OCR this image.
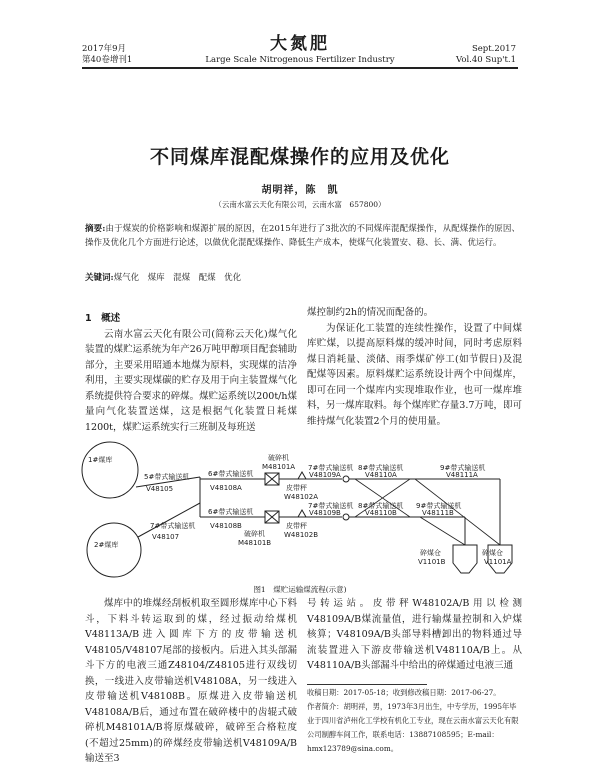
2017年9月
第40卷增刊1
大氮肥
Large Scale Nitrogenous Fertilizer Industry
Sept.2017
Vol.40 Sup't.1
不同煤库混配煤操作的应用及优化
胡明祥，陈　凯
（云南水富云天化有限公司，云南水富　657800）
摘要:由于煤炭的价格影响和煤源扩展的原因，在2015年进行了3批次的不同煤库混配煤操作，从配煤操作的原因、操作及优化几个方面进行论述，以做优化混配煤操作、降低生产成本，使煤气化装置安、稳、长、满、优运行。
关键词:煤气化　煤库　混煤　配煤　优化

1　概述

云南水富云天化有限公司(简称云天化)煤气化装置的煤贮运系统为年产26万吨甲醇项目配套辅助部分，主要采用昭通本地煤为原料，实现煤的洁净利用，主要实现煤碳的贮存及用于向主装置煤气化系统提供符合要求的碎煤。煤贮运系统以200t/h煤量向气化装置送煤，这是根据气化装置日耗煤1200t，煤贮运系统实行三班制及每班送

煤控制约2h的情况而配备的。

为保证化工装置的连续性操作，设置了中间煤库贮煤，以提高原料煤的缓冲时间，同时考虑原料煤日消耗量、淡储、雨季煤矿停工(如节假日)及混配煤等因素。原料煤贮运系统设计两个中间煤库，即可在同一个煤库内实现堆取作业，也可一煤库堆料，另一煤库取料。每个煤库贮存量3.7万吨，即可维持煤气化装置2个月的使用量。

1#煤库
2#煤库
5#带式输送机
V48105
7#带式输送机
V48107
6#带式输送机
V48108A
6#带式输送机
V48108B
破碎机
M48101A
破碎机
M48101B
7#带式输送机
V48109A
皮带秤
W48102A
7#带式输送机
V48109B
皮带秤
W48102B
8#带式输送机
V48110A
8#带式输送机
V48110B
9#带式输送机
V48111A
9#带式输送机
V48111B
碎煤仓
V1101B
碎煤仓
V1101A
图1　煤贮运输煤流程(示意)

煤库中的堆煤经刮板机取至圆形煤库中心下料斗，下料斗转运取到的煤，经过振动给煤机V48113A/B进入圆库下方的皮带输送机V48105/V48107尾部的接板内。后进入其头部漏斗下方的电液三通Z48104/Z48105进行双线切换，一线进入皮带输送机V48108A，另一线进入皮带输送机V48108B。原煤进入皮带输送机V48108A/B后，通过布置在破碎楼中的齿辊式破碎机M48101A/B将原煤破碎，破碎至合格粒度(不超过25mm)的碎煤经皮带输送机V48109A/B输送至3

号转运站。皮带秤W48102A/B用以检测V48109A/B煤流量值，进行输煤量控制和入炉煤核算；V48109A/B头部导料槽卸出的物料通过导流装置进入下游皮带输送机V48110A/B上。从V48110A/B头部漏斗中给出的碎煤通过电液三通

收稿日期：2017-05-18；收到修改稿日期：2017-06-27。
作者简介：胡明祥，男，1973年3月出生，中专学历，1995年毕业于四川省泸州化工学校有机化工专业，现在云南水富云天化有限公司制醇车间工作，联系电话：13887108595；E-mail：hmx123789@sina.com。
